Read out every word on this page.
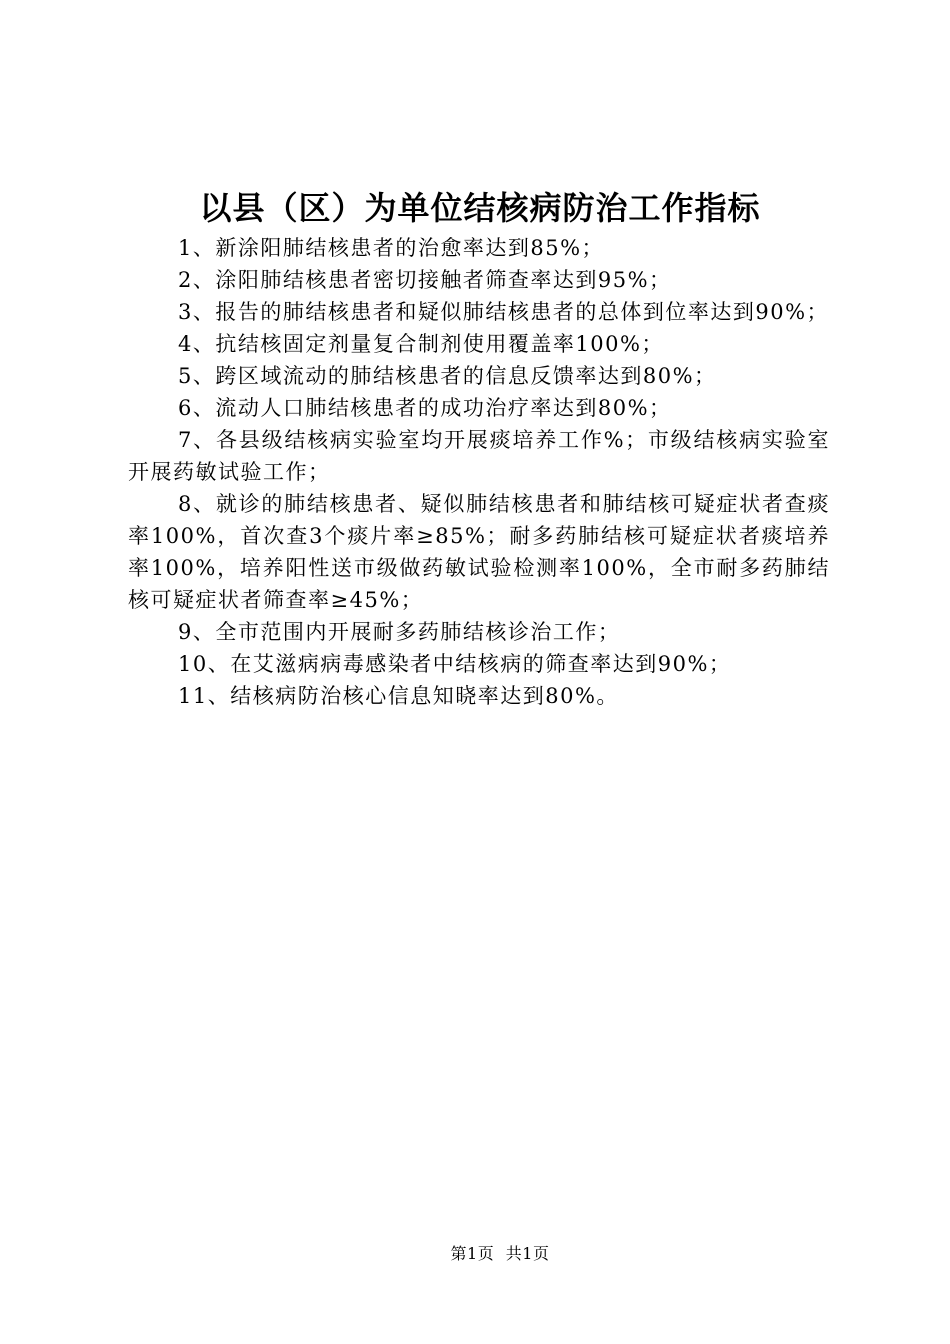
以县（区）为单位结核病防治工作指标

1、新涂阳肺结核患者的治愈率达到85%；

2、涂阳肺结核患者密切接触者筛查率达到95%；

3、报告的肺结核患者和疑似肺结核患者的总体到位率达到90%；

4、抗结核固定剂量复合制剂使用覆盖率100%；

5、跨区域流动的肺结核患者的信息反馈率达到80%；

6、流动人口肺结核患者的成功治疗率达到80%；

7、各县级结核病实验室均开展痰培养工作%；市级结核病实验室开展药敏试验工作；

8、就诊的肺结核患者、疑似肺结核患者和肺结核可疑症状者查痰率100%，首次查3个痰片率≥85%；耐多药肺结核可疑症状者痰培养率100%，培养阳性送市级做药敏试验检测率100%，全市耐多药肺结核可疑症状者筛查率≥45%；

9、全市范围内开展耐多药肺结核诊治工作；

10、在艾滋病病毒感染者中结核病的筛查率达到90%；

11、结核病防治核心信息知晓率达到80%。

第1页 共1页
